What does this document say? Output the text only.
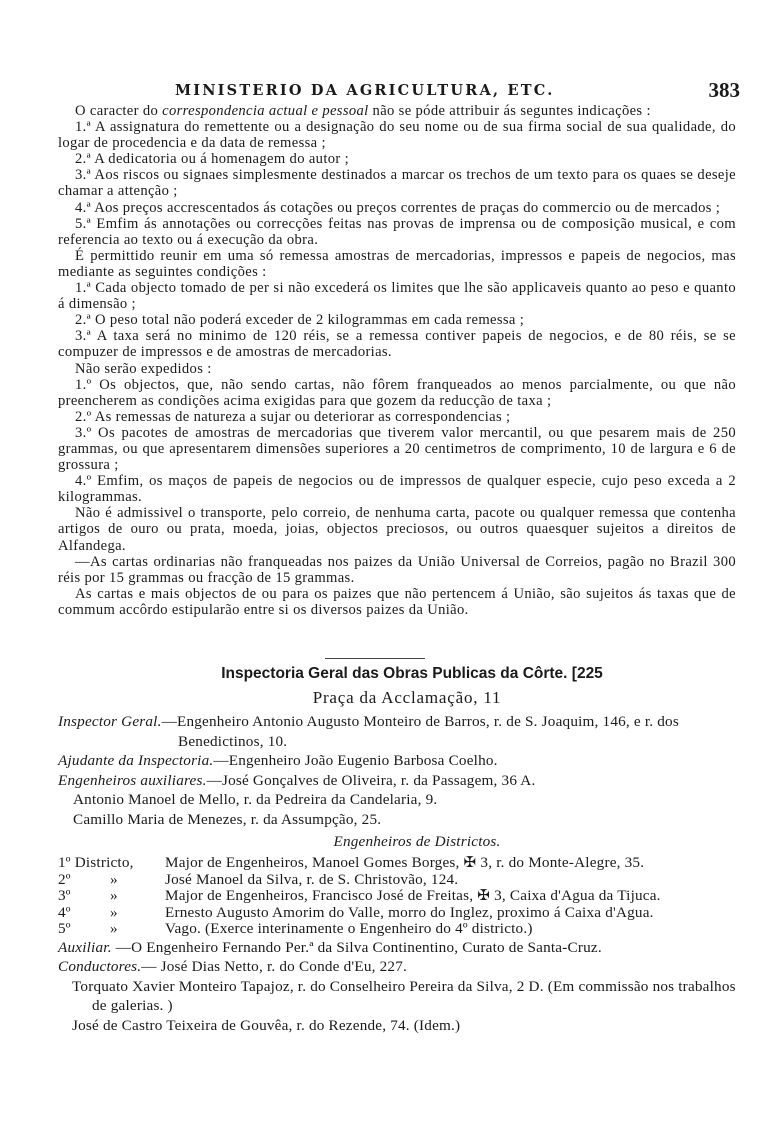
MINISTERIO DA AGRICULTURA, ETC.	383

O caracter do correspondencia actual e pessoal não se póde attribuir ás seguntes indicações :

1.ª A assignatura do remettente ou a designação do seu nome ou de sua firma social de sua qualidade, do logar de procedencia e da data de remessa ;

2.ª A dedicatoria ou á homenagem do autor ;

3.ª Aos riscos ou signaes simplesmente destinados a marcar os trechos de um texto para os quaes se deseje chamar a attenção ;

4.ª Aos preços accrescentados ás cotações ou preços correntes de praças do commercio ou de mercados ;

5.ª Emfim ás annotações ou correcções feitas nas provas de imprensa ou de composição musical, e com referencia ao texto ou á execução da obra.

É permittido reunir em uma só remessa amostras de mercadorias, impressos e papeis de negocios, mas mediante as seguintes condições :

1.ª Cada objecto tomado de per si não excederá os limites que lhe são applicaveis quanto ao peso e quanto á dimensão ;

2.ª O peso total não poderá exceder de 2 kilogrammas em cada remessa ;

3.ª A taxa será no minimo de 120 réis, se a remessa contiver papeis de negocios, e de 80 réis, se se compuzer de impressos e de amostras de mercadorias.

Não serão expedidos :

1.º Os objectos, que, não sendo cartas, não fôrem franqueados ao menos parcialmente, ou que não preencherem as condições acima exigidas para que gozem da reducção de taxa ;

2.º As remessas de natureza a sujar ou deteriorar as correspondencias ;

3.º Os pacotes de amostras de mercadorias que tiverem valor mercantil, ou que pesarem mais de 250 grammas, ou que apresentarem dimensões superiores a 20 centimetros de comprimento, 10 de largura e 6 de grossura ;

4.º Emfim, os maços de papeis de negocios ou de impressos de qualquer especie, cujo peso exceda a 2 kilogrammas.

Não é admissivel o transporte, pelo correio, de nenhuma carta, pacote ou qualquer remessa que contenha artigos de ouro ou prata, moeda, joias, objectos preciosos, ou outros quaesquer sujeitos a direitos de Alfandega.

—As cartas ordinarias não franqueadas nos paizes da União Universal de Correios, pagão no Brazil 300 réis por 15 grammas ou fracção de 15 grammas.

As cartas e mais objectos de ou para os paizes que não pertencem á União, são sujeitos ás taxas que de commum accôrdo estipularão entre si os diversos paizes da União.

Inspectoria Geral das Obras Publicas da Côrte. [225
Praça da Acclamação, 11
Inspector Geral.—Engenheiro Antonio Augusto Monteiro de Barros, r. de S. Joaquim, 146, e r. dos Benedictinos, 10.
Ajudante da Inspectoria.—Engenheiro João Eugenio Barbosa Coelho.
Engenheiros auxiliares.—José Gonçalves de Oliveira, r. da Passagem, 36 A.
Antonio Manoel de Mello, r. da Pedreira da Candelaria, 9.
Camillo Maria de Menezes, r. da Assumpção, 25.
Engenheiros de Districtos.
1º Districto,	Major de Engenheiros, Manoel Gomes Borges, ✠ 3, r. do Monte-Alegre, 35.
2º	»	José Manoel da Silva, r. de S. Christovão, 124.
3º	»	Major de Engenheiros, Francisco José de Freitas, ✠ 3, Caixa d'Agua da Tijuca.
4º	»	Ernesto Augusto Amorim do Valle, morro do Inglez, proximo á Caixa d'Agua.
5º	»	Vago. (Exerce interinamente o Engenheiro do 4º districto.)
Auxiliar. —O Engenheiro Fernando Per.ª da Silva Continentino, Curato de Santa-Cruz.
Conductores.— José Dias Netto, r. do Conde d'Eu, 227.
Torquato Xavier Monteiro Tapajoz, r. do Conselheiro Pereira da Silva, 2 D. (Em commissão nos trabalhos de galerias. )
José de Castro Teixeira de Gouvêa, r. do Rezende, 74. (Idem.)
